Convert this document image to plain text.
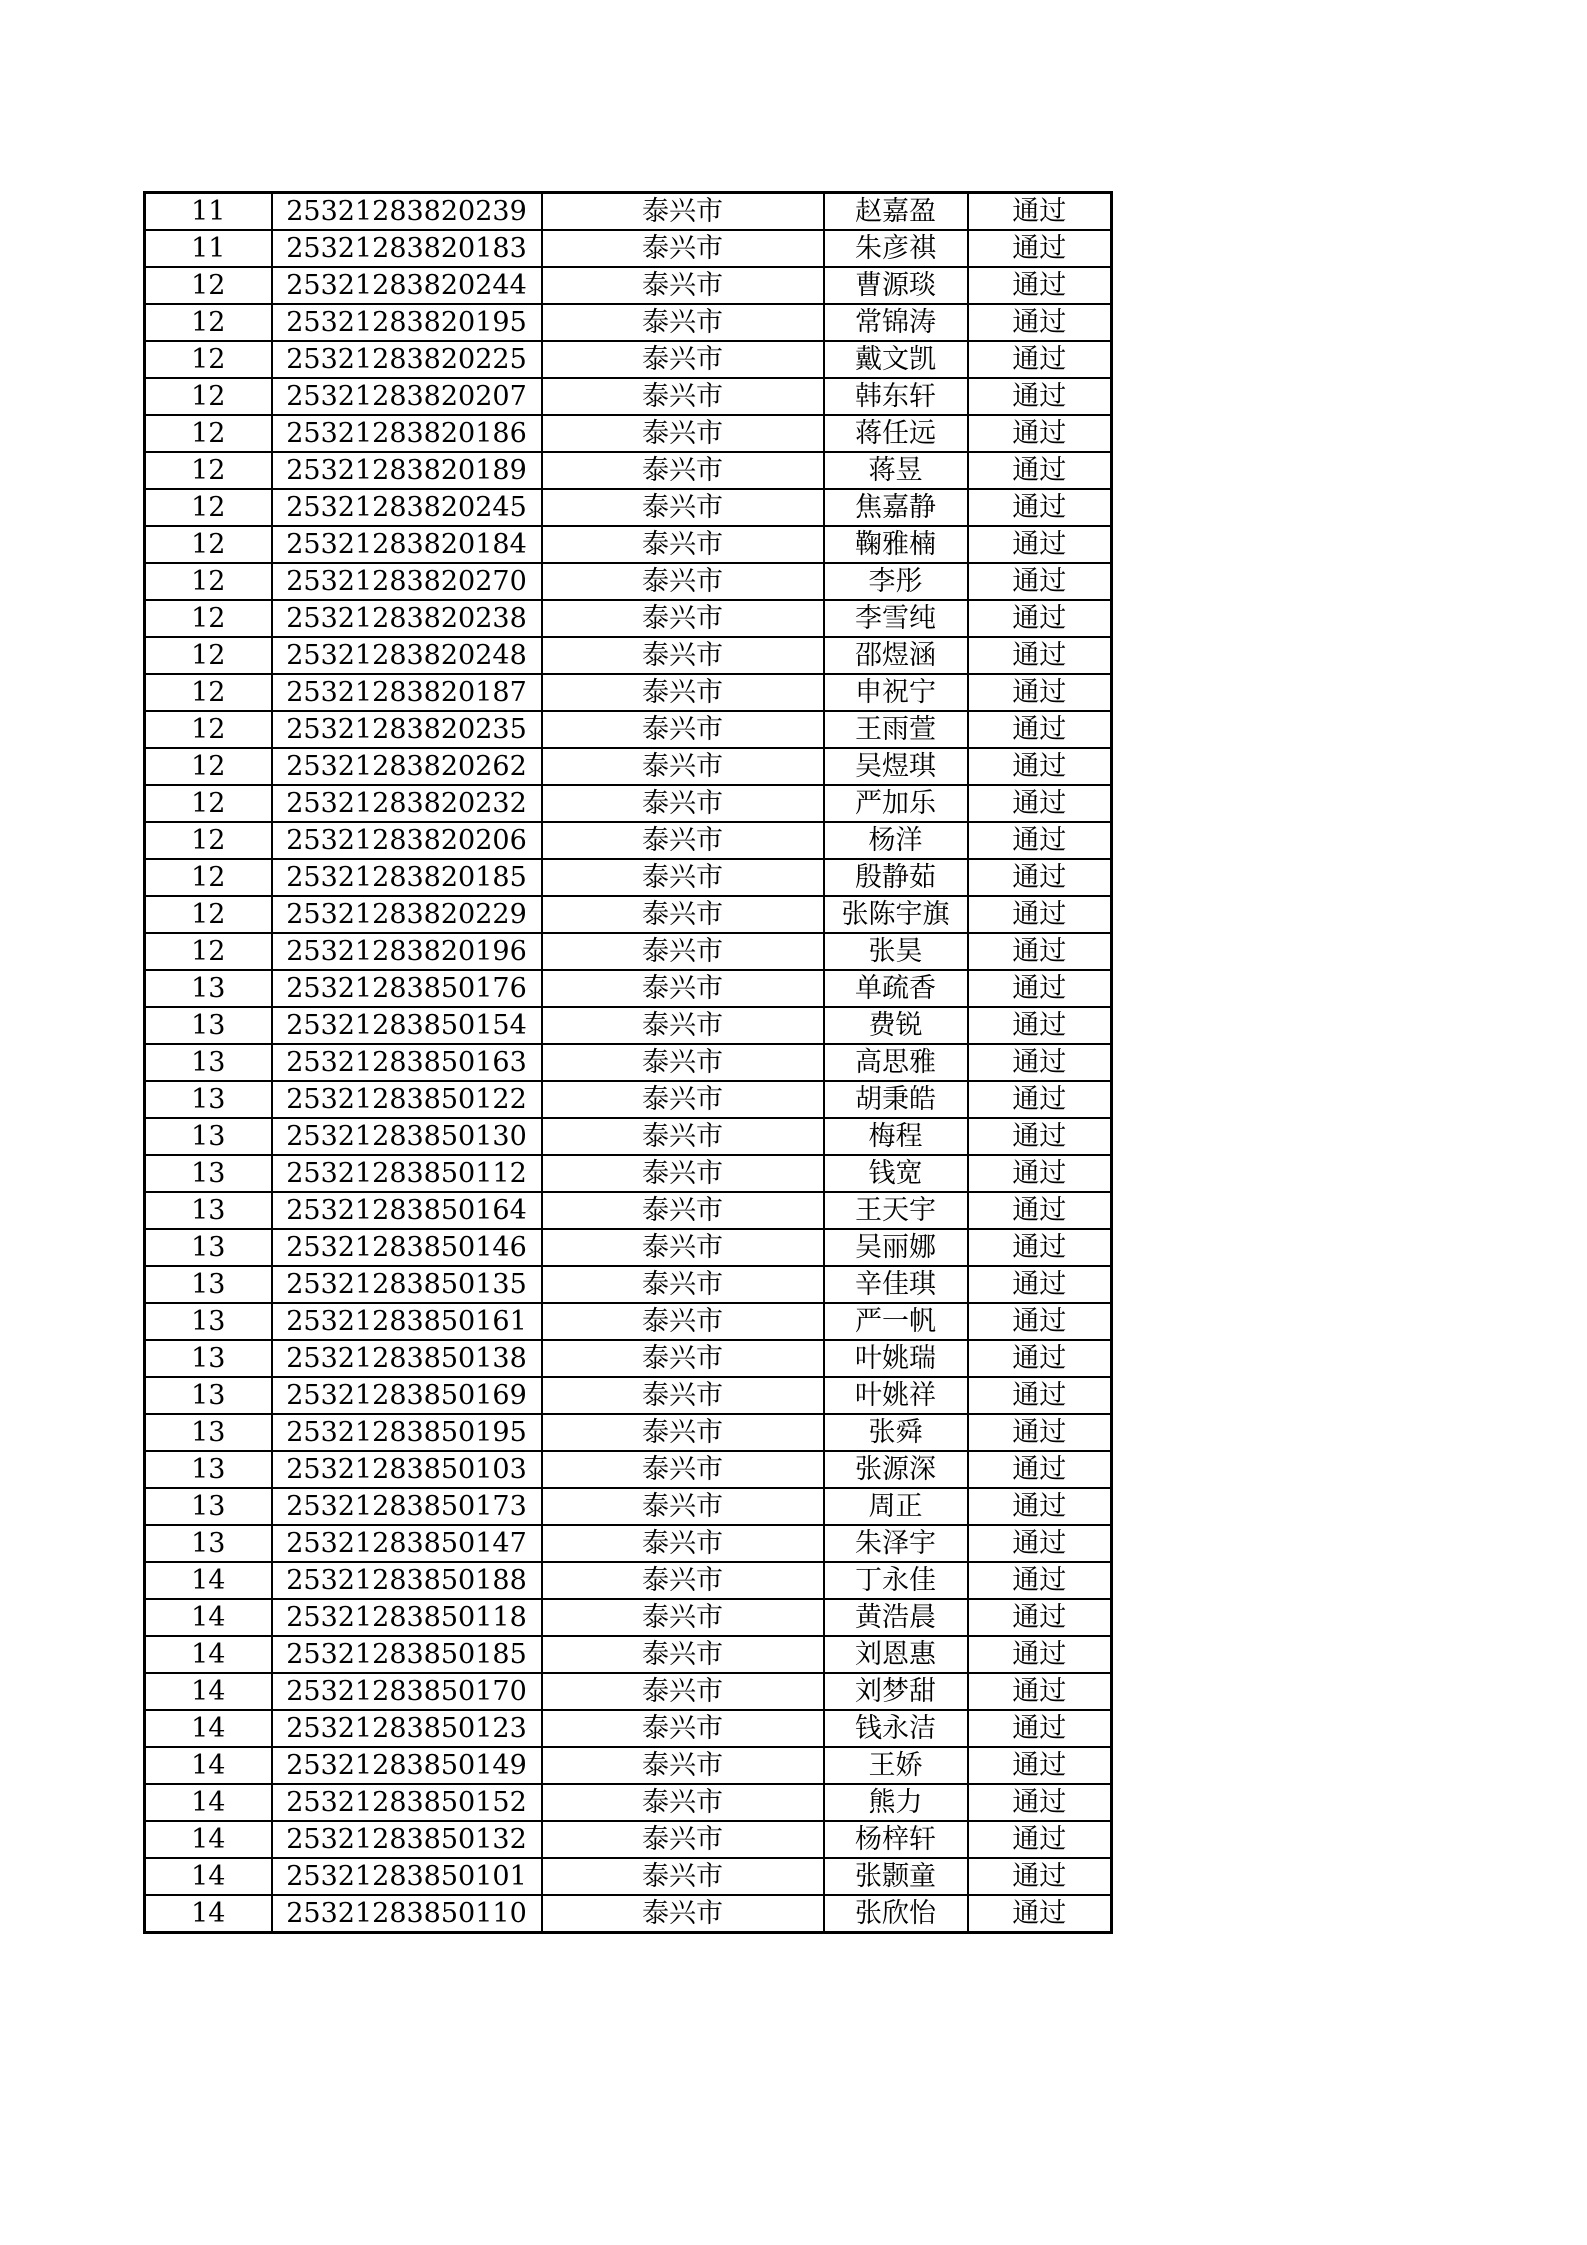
11	25321283820239	泰兴市	赵嘉盈	通过
11	25321283820183	泰兴市	朱彦祺	通过
12	25321283820244	泰兴市	曹源琰	通过
12	25321283820195	泰兴市	常锦涛	通过
12	25321283820225	泰兴市	戴文凯	通过
12	25321283820207	泰兴市	韩东轩	通过
12	25321283820186	泰兴市	蒋任远	通过
12	25321283820189	泰兴市	蒋昱	通过
12	25321283820245	泰兴市	焦嘉静	通过
12	25321283820184	泰兴市	鞠雅楠	通过
12	25321283820270	泰兴市	李彤	通过
12	25321283820238	泰兴市	李雪纯	通过
12	25321283820248	泰兴市	邵煜涵	通过
12	25321283820187	泰兴市	申祝宁	通过
12	25321283820235	泰兴市	王雨萱	通过
12	25321283820262	泰兴市	吴煜琪	通过
12	25321283820232	泰兴市	严加乐	通过
12	25321283820206	泰兴市	杨洋	通过
12	25321283820185	泰兴市	殷静茹	通过
12	25321283820229	泰兴市	张陈宇旗	通过
12	25321283820196	泰兴市	张昊	通过
13	25321283850176	泰兴市	单疏香	通过
13	25321283850154	泰兴市	费锐	通过
13	25321283850163	泰兴市	高思雅	通过
13	25321283850122	泰兴市	胡秉皓	通过
13	25321283850130	泰兴市	梅程	通过
13	25321283850112	泰兴市	钱宽	通过
13	25321283850164	泰兴市	王天宇	通过
13	25321283850146	泰兴市	吴丽娜	通过
13	25321283850135	泰兴市	辛佳琪	通过
13	25321283850161	泰兴市	严一帆	通过
13	25321283850138	泰兴市	叶姚瑞	通过
13	25321283850169	泰兴市	叶姚祥	通过
13	25321283850195	泰兴市	张舜	通过
13	25321283850103	泰兴市	张源深	通过
13	25321283850173	泰兴市	周正	通过
13	25321283850147	泰兴市	朱泽宇	通过
14	25321283850188	泰兴市	丁永佳	通过
14	25321283850118	泰兴市	黄浩晨	通过
14	25321283850185	泰兴市	刘恩惠	通过
14	25321283850170	泰兴市	刘梦甜	通过
14	25321283850123	泰兴市	钱永洁	通过
14	25321283850149	泰兴市	王娇	通过
14	25321283850152	泰兴市	熊力	通过
14	25321283850132	泰兴市	杨梓轩	通过
14	25321283850101	泰兴市	张颢童	通过
14	25321283850110	泰兴市	张欣怡	通过
